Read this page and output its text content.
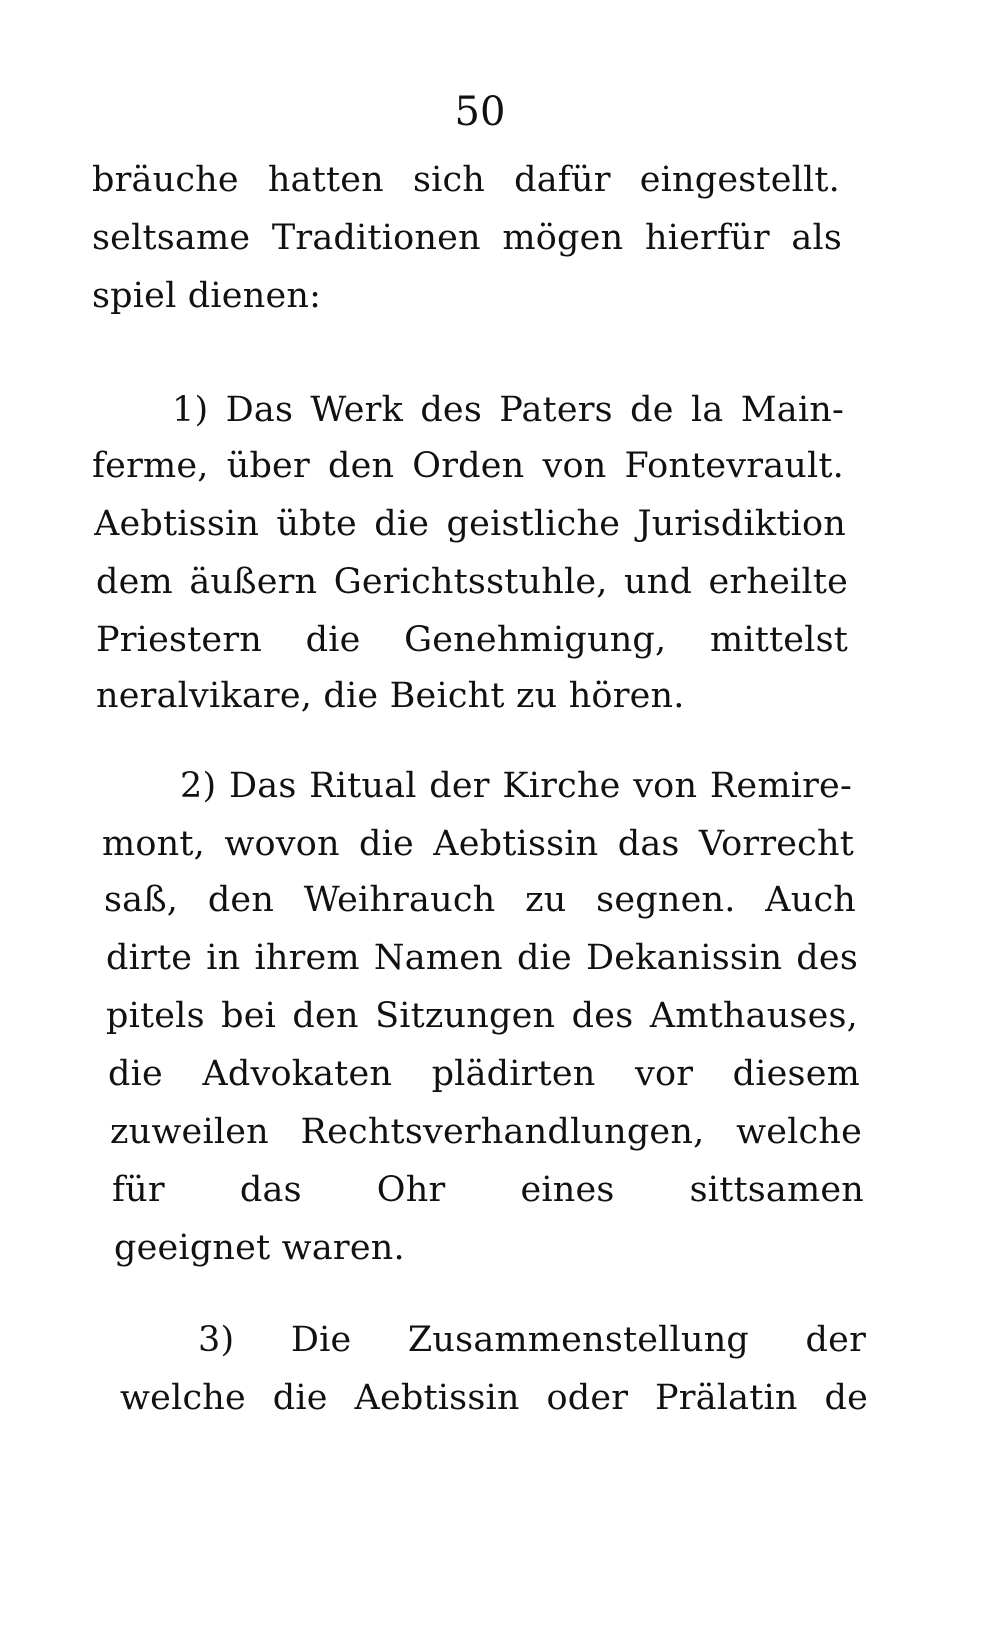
50
bräuche hatten sich dafür eingestellt.
seltsame Traditionen mögen hierfür als
spiel dienen:
1) Das Werk des Paters de la Main-
ferme, über den Orden von Fontevrault.
Aebtissin übte die geistliche Jurisdiktion
dem äußern Gerichtsstuhle, und erheilte
Priestern die Genehmigung, mittelst
neralvikare, die Beicht zu hören.
2) Das Ritual der Kirche von Remire-
mont, wovon die Aebtissin das Vorrecht
saß, den Weihrauch zu segnen. Auch
dirte in ihrem Namen die Dekanissin des
pitels bei den Sitzungen des Amthauses,
die Advokaten plädirten vor diesem
zuweilen Rechtsverhandlungen, welche
für das Ohr eines sittsamen
geeignet waren.
3) Die Zusammenstellung der
welche die Aebtissin oder Prälatin de
